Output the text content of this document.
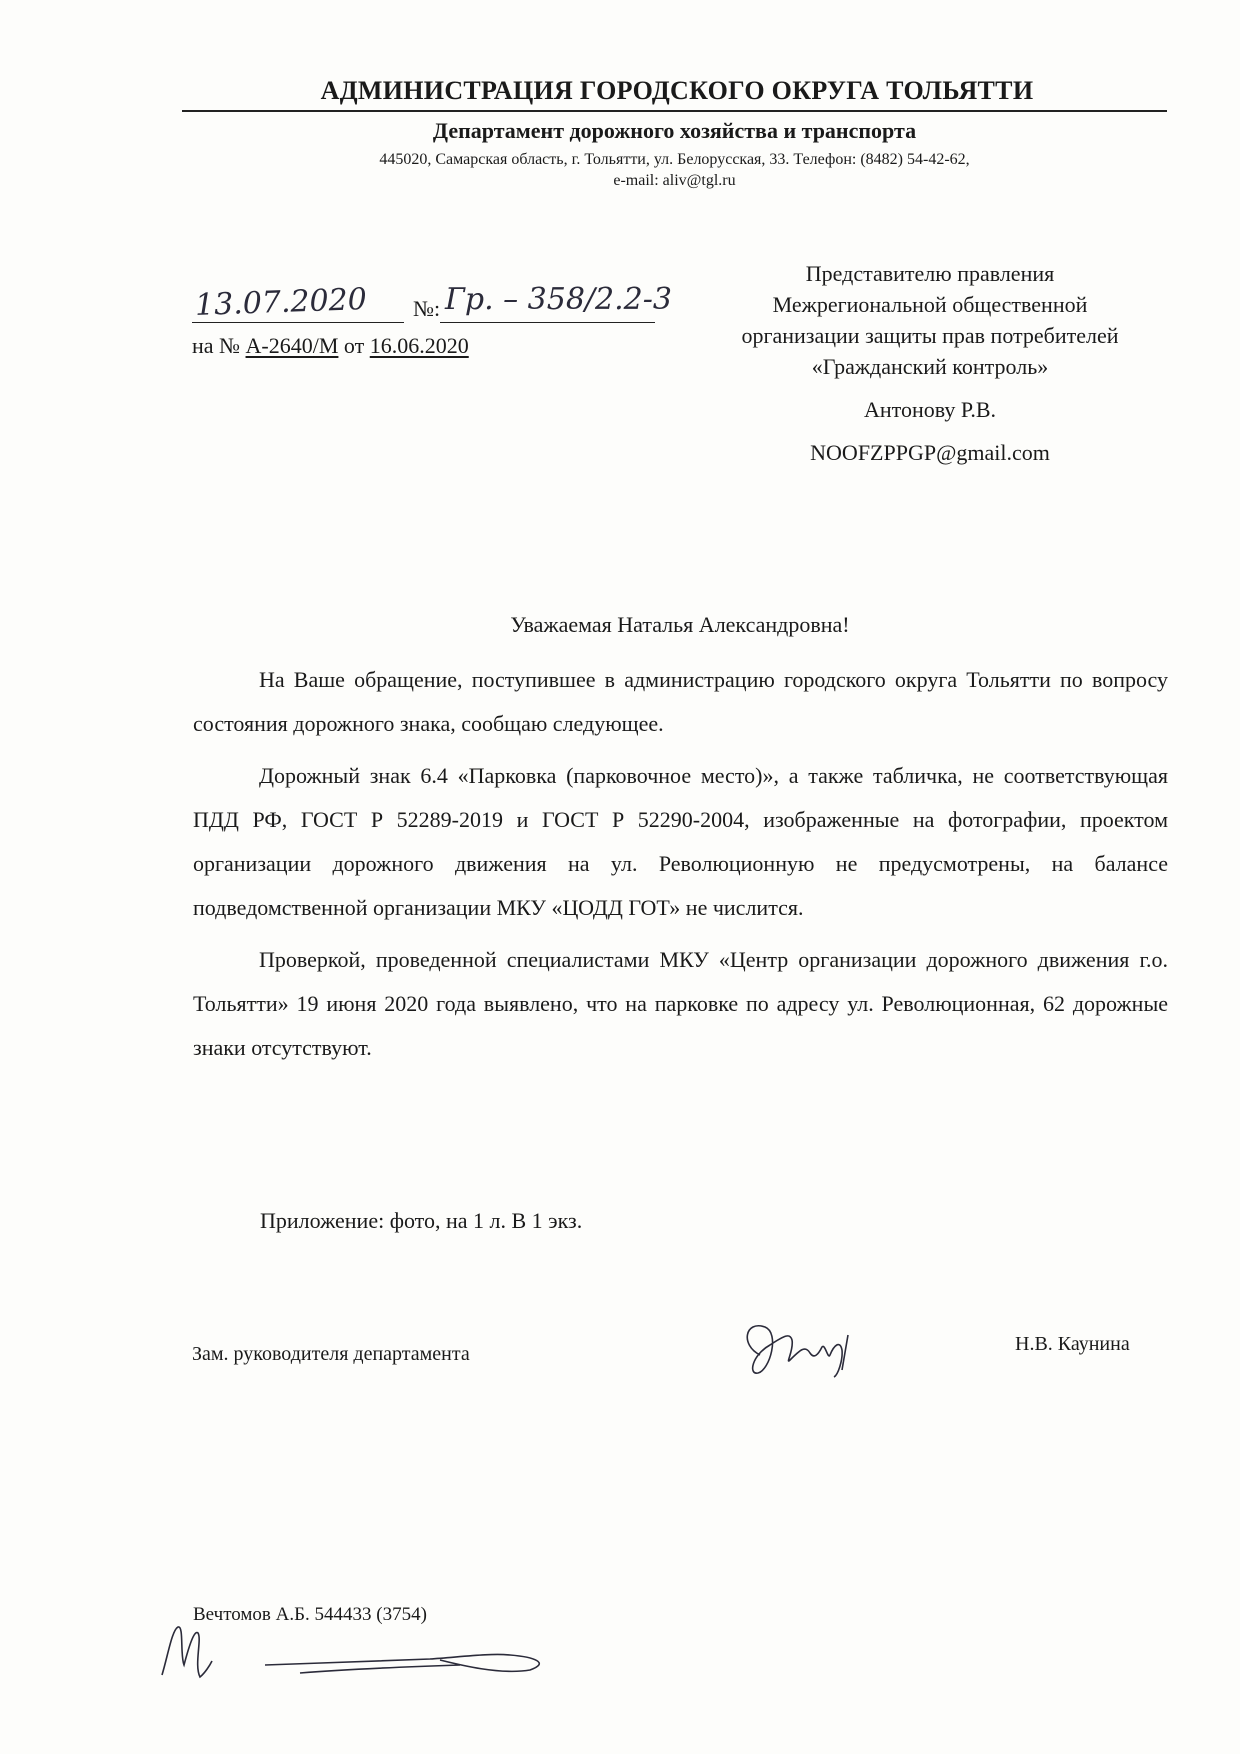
АДМИНИСТРАЦИЯ ГОРОДСКОГО ОКРУГА ТОЛЬЯТТИ
Департамент дорожного хозяйства и транспорта
445020, Самарская область, г. Тольятти, ул. Белорусская, 33. Телефон: (8482) 54-42-62,
e-mail: aliv@tgl.ru
13.07.2020 №: Гр. – 358/2.2-3
на № А-2640/М от 16.06.2020
Представителю правления
Межрегиональной общественной
организации защиты прав потребителей
«Гражданский контроль»
Антонову Р.В.
NOOFZPPGP@gmail.com
Уважаемая Наталья Александровна!

На Ваше обращение, поступившее в администрацию городского округа Тольятти по вопросу состояния дорожного знака, сообщаю следующее.

Дорожный знак 6.4 «Парковка (парковочное место)», а также табличка, не соответствующая ПДД РФ, ГОСТ Р 52289-2019 и ГОСТ Р 52290-2004, изображенные на фотографии, проектом организации дорожного движения на ул. Революционную не предусмотрены, на балансе подведомственной организации МКУ «ЦОДД ГОТ» не числится.

Проверкой, проведенной специалистами МКУ «Центр организации дорожного движения г.о. Тольятти» 19 июня 2020 года выявлено, что на парковке по адресу ул. Революционная, 62 дорожные знаки отсутствуют.

Приложение: фото, на 1 л. В 1 экз.
Зам. руководителя департамента	Н.В. Каунина
Вечтомов А.Б. 544433 (3754)
